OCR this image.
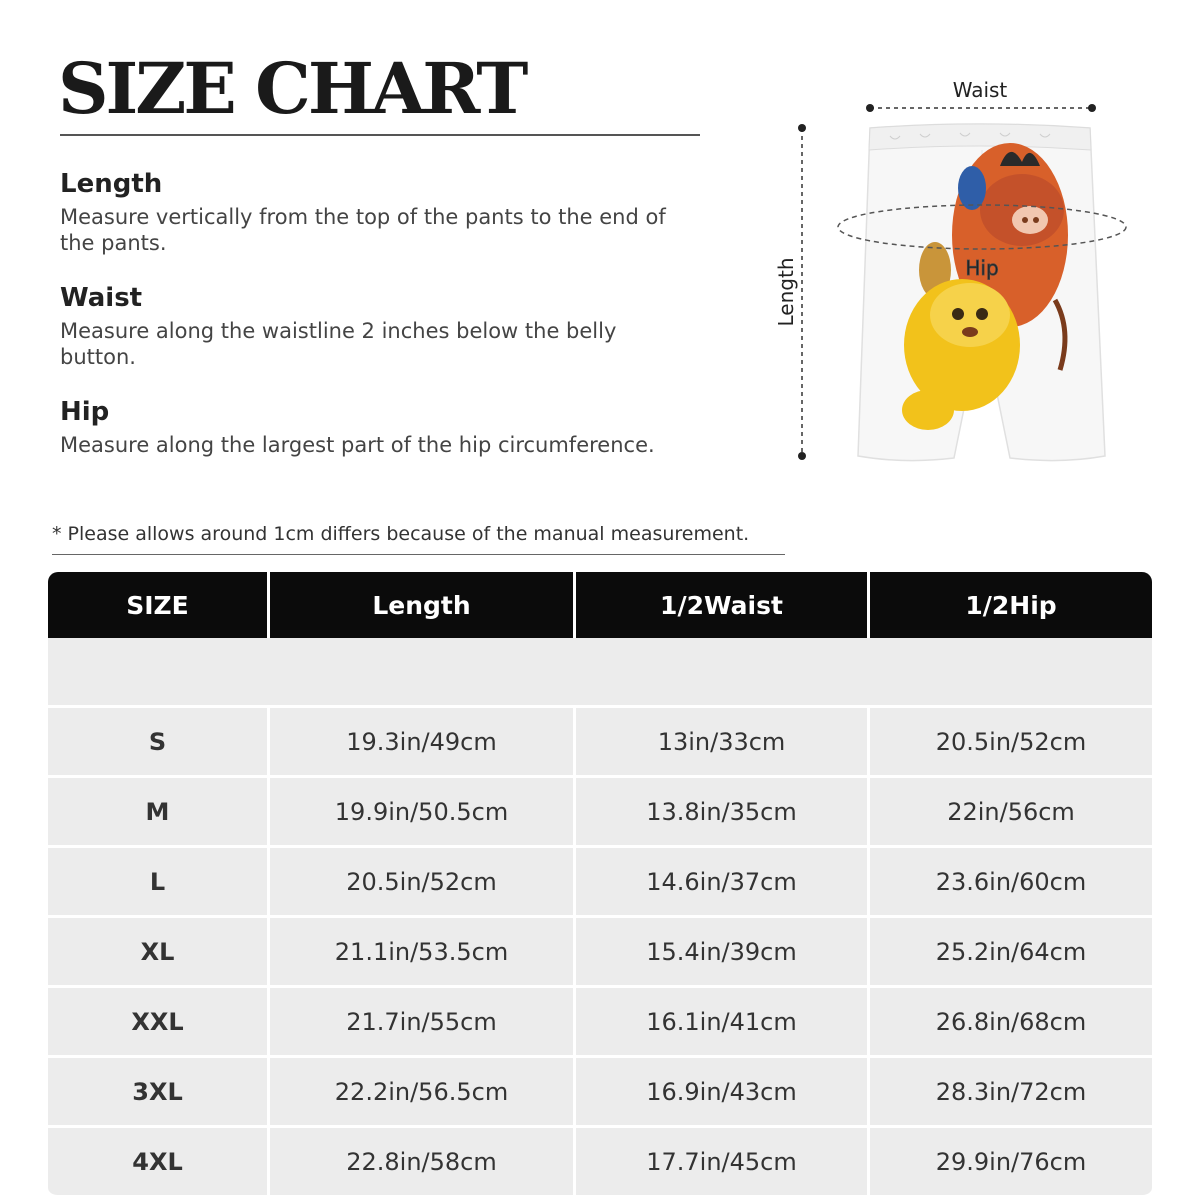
SIZE CHART
Length

Measure vertically from the top of the pants to the end of the pants.

Waist

Measure along the waistline 2 inches below the belly button.

Hip

Measure along the largest part of the hip circumference.

* Please allows around 1cm differs because of the manual measurement.
Waist
Length	Hip
SIZE	Length	1/2Waist	1/2Hip

S	19.3in/49cm	13in/33cm	20.5in/52cm
M	19.9in/50.5cm	13.8in/35cm	22in/56cm
L	20.5in/52cm	14.6in/37cm	23.6in/60cm
XL	21.1in/53.5cm	15.4in/39cm	25.2in/64cm
XXL	21.7in/55cm	16.1in/41cm	26.8in/68cm
3XL	22.2in/56.5cm	16.9in/43cm	28.3in/72cm
4XL	22.8in/58cm	17.7in/45cm	29.9in/76cm
